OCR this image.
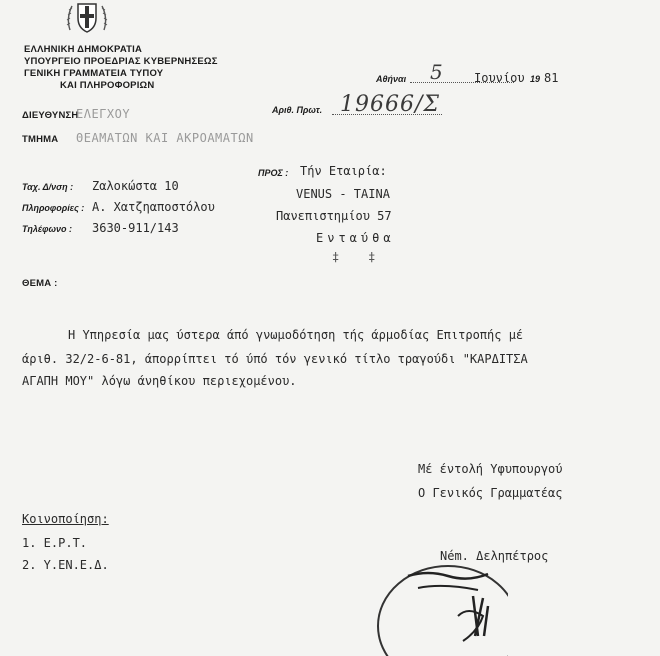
ΕΛΛΗΝΙΚΗ ΔΗΜΟΚΡΑΤΙΑ
ΥΠΟΥΡΓΕΙΟ ΠΡΟΕΔΡΙΑΣ ΚΥΒΕΡΝΗΣΕΩΣ
ΓΕΝΙΚΗ ΓΡΑΜΜΑΤΕΙΑ ΤΥΠΟΥ
ΚΑΙ ΠΛΗΡΟΦΟΡΙΩΝ
ΔΙΕΥΘΥΝΣΗ
ΕΛΕΓΧΟΥ
ΤΜΗΜΑ ΘΕΑΜΑΤΩΝ ΚΑΙ ΑΚΡΟΑΜΑΤΩΝ
Αθήναι 5	Ιουνίου 19 81
Αριθ. Πρωτ. 19666/Σ
Ταχ. Δ/νση : Ζαλοκώστα 10
Πληροφορίες : Α. Χατζηαποστόλου
Τηλέφωνο : 3630-911/143
ΠΡΟΣ : Τήν Εταιρία:
VENUS - TAINA
Πανεπιστημίου 57
Ενταύθα
‡    ‡
ΘΕΜΑ :
Η Υπηρεσία μας ύστερα άπό γνωμοδότηση τής άρμοδίας Επιτροπής μέ
άριθ. 32/2-6-81, άπορρίπτει τό ύπό τόν γενικό τίτλο τραγούδι "ΚΑΡΔΙΤΣΑ
ΑΓΑΠΗ ΜΟΥ" λόγω άνηθίκου περιεχομένου.
Μέ έντολή Υφυπουργού
Ο Γενικός Γραμματέας
Ném. Δεληπέτρος
Κοινοποίηση:
1. Ε.Ρ.Τ.
2. Υ.ΕΝ.Ε.Δ.
